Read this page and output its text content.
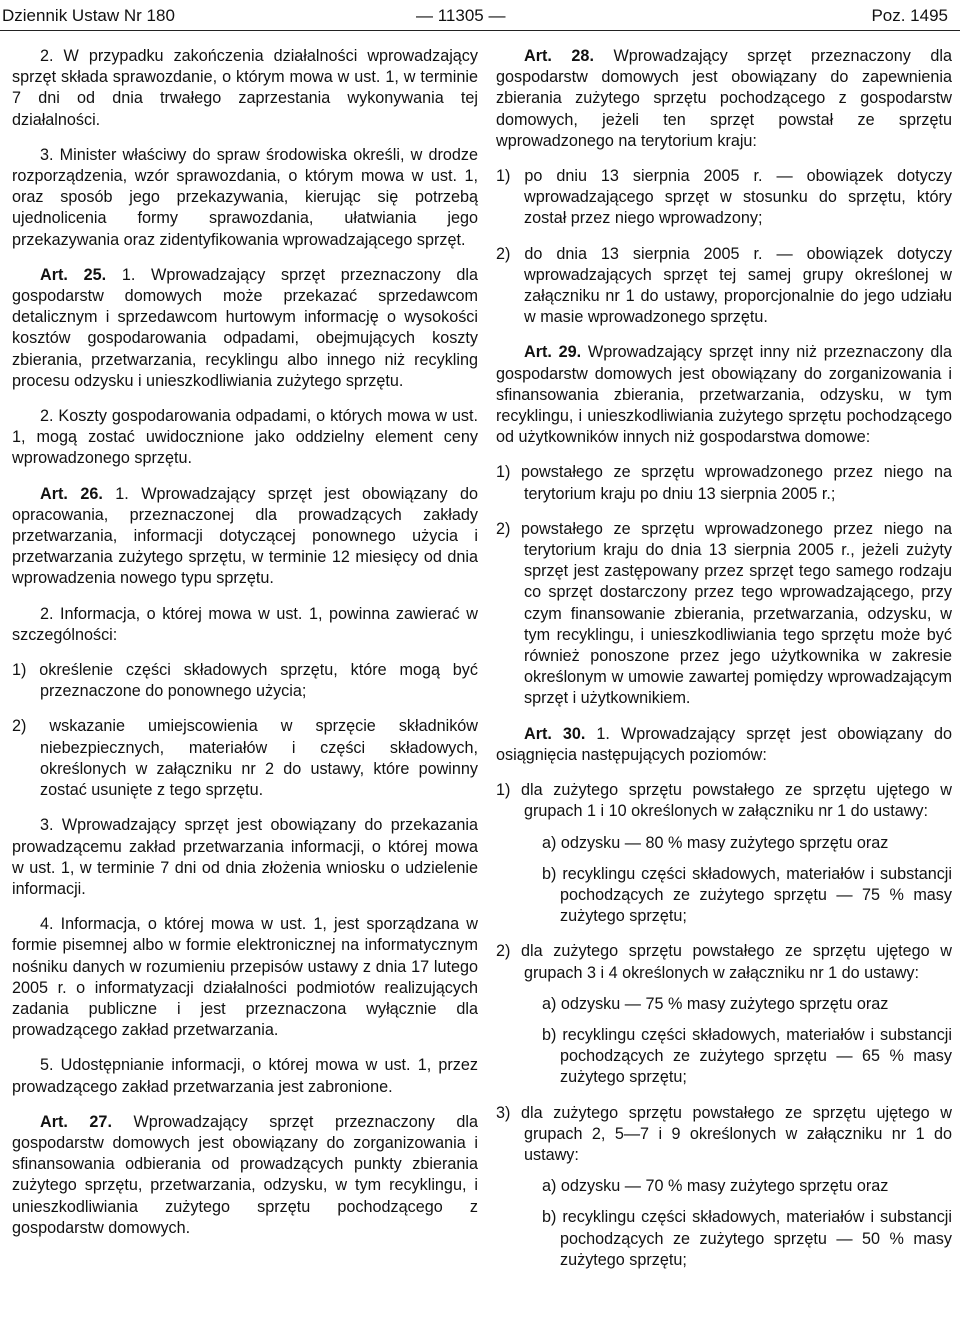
Dziennik Ustaw Nr 180	— 11305 —	Poz. 1495

2. W przypadku zakończenia działalności wprowadzający sprzęt składa sprawozdanie, o którym mowa w ust. 1, w terminie 7 dni od dnia trwałego zaprzestania wykonywania tej działalności.

3. Minister właściwy do spraw środowiska określi, w drodze rozporządzenia, wzór sprawozdania, o którym mowa w ust. 1, oraz sposób jego przekazywania, kierując się potrzebą ujednolicenia formy sprawozdania, ułatwiania jego przekazywania oraz zidentyfikowania wprowadzającego sprzęt.

Art. 25. 1. Wprowadzający sprzęt przeznaczony dla gospodarstw domowych może przekazać sprzedawcom detalicznym i sprzedawcom hurtowym informację o wysokości kosztów gospodarowania odpadami, obejmujących koszty zbierania, przetwarzania, recyklingu albo innego niż recykling procesu odzysku i unieszkodliwiania zużytego sprzętu.

2. Koszty gospodarowania odpadami, o których mowa w ust. 1, mogą zostać uwidocznione jako oddzielny element ceny wprowadzonego sprzętu.

Art. 26. 1. Wprowadzający sprzęt jest obowiązany do opracowania, przeznaczonej dla prowadzących zakłady przetwarzania, informacji dotyczącej ponownego użycia i przetwarzania zużytego sprzętu, w terminie 12 miesięcy od dnia wprowadzenia nowego typu sprzętu.

2. Informacja, o której mowa w ust. 1, powinna zawierać w szczególności:

1) określenie części składowych sprzętu, które mogą być przeznaczone do ponownego użycia;

2) wskazanie umiejscowienia w sprzęcie składników niebezpiecznych, materiałów i części składowych, określonych w załączniku nr 2 do ustawy, które powinny zostać usunięte z tego sprzętu.

3. Wprowadzający sprzęt jest obowiązany do przekazania prowadzącemu zakład przetwarzania informacji, o której mowa w ust. 1, w terminie 7 dni od dnia złożenia wniosku o udzielenie informacji.

4. Informacja, o której mowa w ust. 1, jest sporządzana w formie pisemnej albo w formie elektronicznej na informatycznym nośniku danych w rozumieniu przepisów ustawy z dnia 17 lutego 2005 r. o informatyzacji działalności podmiotów realizujących zadania publiczne i jest przeznaczona wyłącznie dla prowadzącego zakład przetwarzania.

5. Udostępnianie informacji, o której mowa w ust. 1, przez prowadzącego zakład przetwarzania jest zabronione.

Art. 27. Wprowadzający sprzęt przeznaczony dla gospodarstw domowych jest obowiązany do zorganizowania i sfinansowania odbierania od prowadzących punkty zbierania zużytego sprzętu, przetwarzania, odzysku, w tym recyklingu, i unieszkodliwiania zużytego sprzętu pochodzącego z gospodarstw domowych.

Art. 28. Wprowadzający sprzęt przeznaczony dla gospodarstw domowych jest obowiązany do zapewnienia zbierania zużytego sprzętu pochodzącego z gospodarstw domowych, jeżeli ten sprzęt powstał ze sprzętu wprowadzonego na terytorium kraju:

1) po dniu 13 sierpnia 2005 r. — obowiązek dotyczy wprowadzającego sprzęt w stosunku do sprzętu, który został przez niego wprowadzony;

2) do dnia 13 sierpnia 2005 r. — obowiązek dotyczy wprowadzających sprzęt tej samej grupy określonej w załączniku nr 1 do ustawy, proporcjonalnie do jego udziału w masie wprowadzonego sprzętu.

Art. 29. Wprowadzający sprzęt inny niż przeznaczony dla gospodarstw domowych jest obowiązany do zorganizowania i sfinansowania zbierania, przetwarzania, odzysku, w tym recyklingu, i unieszkodliwiania zużytego sprzętu pochodzącego od użytkowników innych niż gospodarstwa domowe:

1) powstałego ze sprzętu wprowadzonego przez niego na terytorium kraju po dniu 13 sierpnia 2005 r.;

2) powstałego ze sprzętu wprowadzonego przez niego na terytorium kraju do dnia 13 sierpnia 2005 r., jeżeli zużyty sprzęt jest zastępowany przez sprzęt tego samego rodzaju co sprzęt dostarczony przez tego wprowadzającego, przy czym finansowanie zbierania, przetwarzania, odzysku, w tym recyklingu, i unieszkodliwiania tego sprzętu może być również ponoszone przez jego użytkownika w zakresie określonym w umowie zawartej pomiędzy wprowadzającym sprzęt i użytkownikiem.

Art. 30. 1. Wprowadzający sprzęt jest obowiązany do osiągnięcia następujących poziomów:

1) dla zużytego sprzętu powstałego ze sprzętu ujętego w grupach 1 i 10 określonych w załączniku nr 1 do ustawy:

a) odzysku — 80 % masy zużytego sprzętu oraz

b) recyklingu części składowych, materiałów i substancji pochodzących ze zużytego sprzętu — 75 % masy zużytego sprzętu;

2) dla zużytego sprzętu powstałego ze sprzętu ujętego w grupach 3 i 4 określonych w załączniku nr 1 do ustawy:

a) odzysku — 75 % masy zużytego sprzętu oraz

b) recyklingu części składowych, materiałów i substancji pochodzących ze zużytego sprzętu — 65 % masy zużytego sprzętu;

3) dla zużytego sprzętu powstałego ze sprzętu ujętego w grupach 2, 5—7 i 9 określonych w załączniku nr 1 do ustawy:

a) odzysku — 70 % masy zużytego sprzętu oraz

b) recyklingu części składowych, materiałów i substancji pochodzących ze zużytego sprzętu — 50 % masy zużytego sprzętu;
